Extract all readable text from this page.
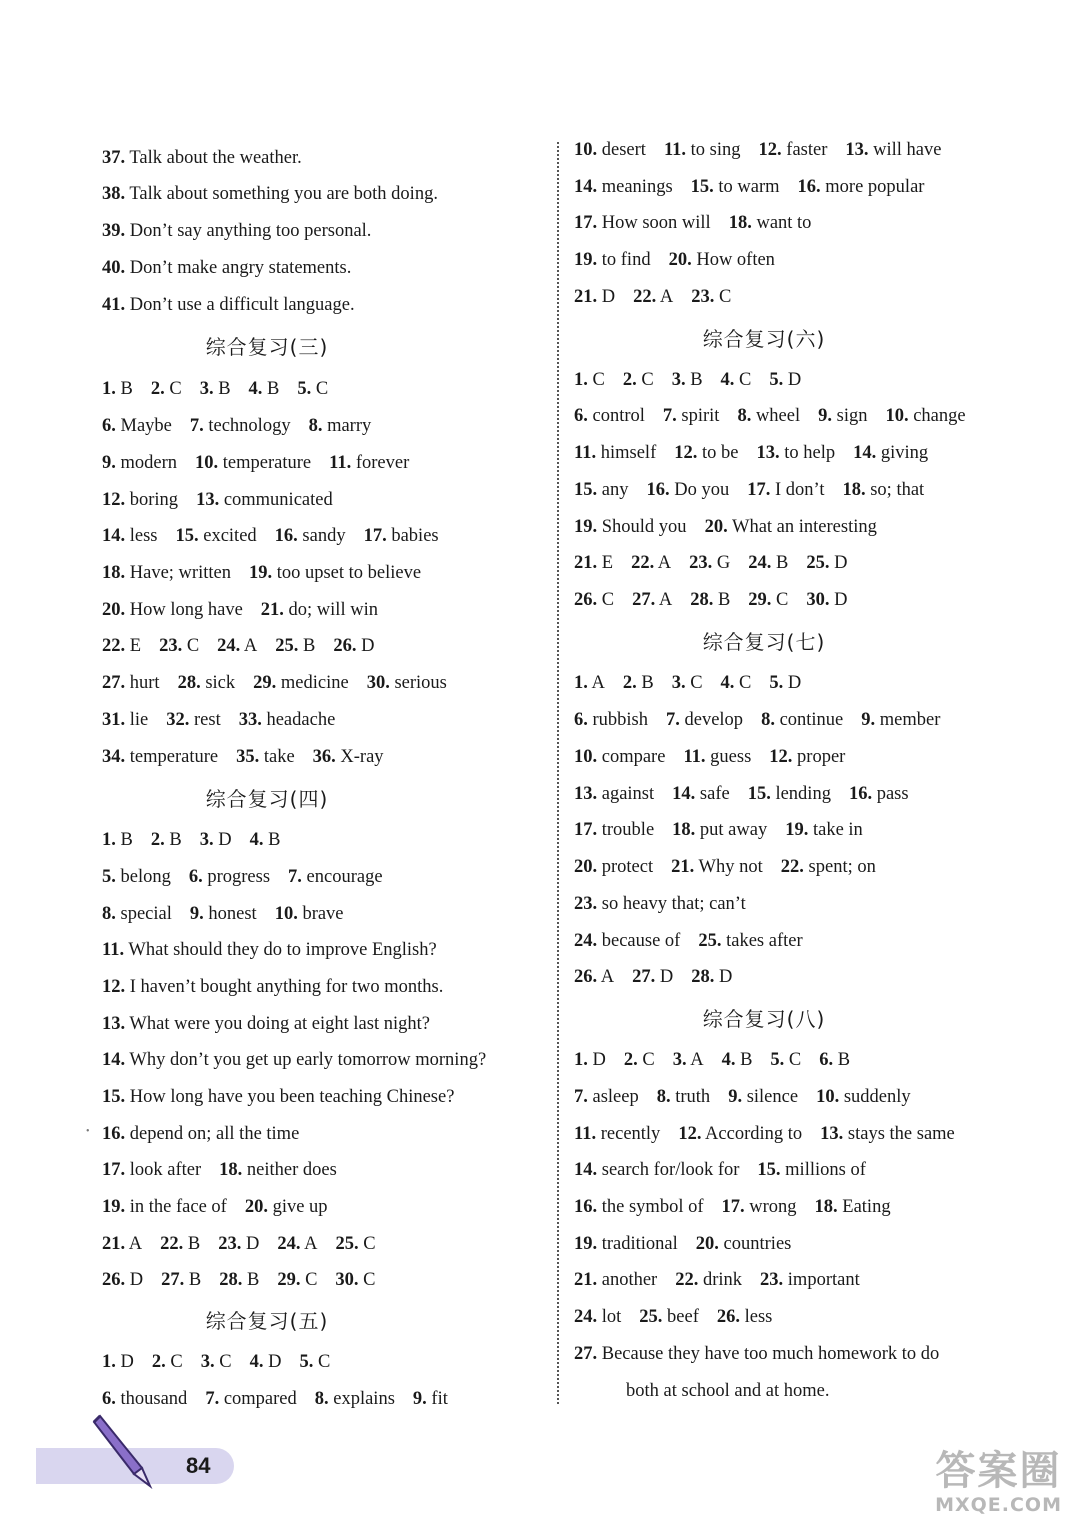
37. Talk about the weather.
38. Talk about something you are both doing.
39. Don’t say anything too personal.
40. Don’t make angry statements.
41. Don’t use a difficult language.
综合复习(三)
1. B 2. C 3. B 4. B 5. C
6. Maybe 7. technology 8. marry
9. modern 10. temperature 11. forever
12. boring 13. communicated
14. less 15. excited 16. sandy 17. babies
18. Have; written 19. too upset to believe
20. How long have 21. do; will win
22. E 23. C 24. A 25. B 26. D
27. hurt 28. sick 29. medicine 30. serious
31. lie 32. rest 33. headache
34. temperature 35. take 36. X-ray
综合复习(四)
1. B 2. B 3. D 4. B
5. belong 6. progress 7. encourage
8. special 9. honest 10. brave
11. What should they do to improve English?
12. I haven’t bought anything for two months.
13. What were you doing at eight last night?
14. Why don’t you get up early tomorrow morning?
15. How long have you been teaching Chinese?
16. depend on; all the time
17. look after 18. neither does
19. in the face of 20. give up
21. A 22. B 23. D 24. A 25. C
26. D 27. B 28. B 29. C 30. C
综合复习(五)
1. D 2. C 3. C 4. D 5. C
6. thousand 7. compared 8. explains 9. fit
10. desert 11. to sing 12. faster 13. will have
14. meanings 15. to warm 16. more popular
17. How soon will 18. want to
19. to find 20. How often
21. D 22. A 23. C
综合复习(六)
1. C 2. C 3. B 4. C 5. D
6. control 7. spirit 8. wheel 9. sign 10. change
11. himself 12. to be 13. to help 14. giving
15. any 16. Do you 17. I don’t 18. so; that
19. Should you 20. What an interesting
21. E 22. A 23. G 24. B 25. D
26. C 27. A 28. B 29. C 30. D
综合复习(七)
1. A 2. B 3. C 4. C 5. D
6. rubbish 7. develop 8. continue 9. member
10. compare 11. guess 12. proper
13. against 14. safe 15. lending 16. pass
17. trouble 18. put away 19. take in
20. protect 21. Why not 22. spent; on
23. so heavy that; can’t
24. because of 25. takes after
26. A 27. D 28. D
综合复习(八)
1. D 2. C 3. A 4. B 5. C 6. B
7. asleep 8. truth 9. silence 10. suddenly
11. recently 12. According to 13. stays the same
14. search for/look for 15. millions of
16. the symbol of 17. wrong 18. Eating
19. traditional 20. countries
21. another 22. drink 23. important
24. lot 25. beef 26. less
27. Because they have too much homework to do
both at school and at home.
•
84	答案圈
MXQE.COM
